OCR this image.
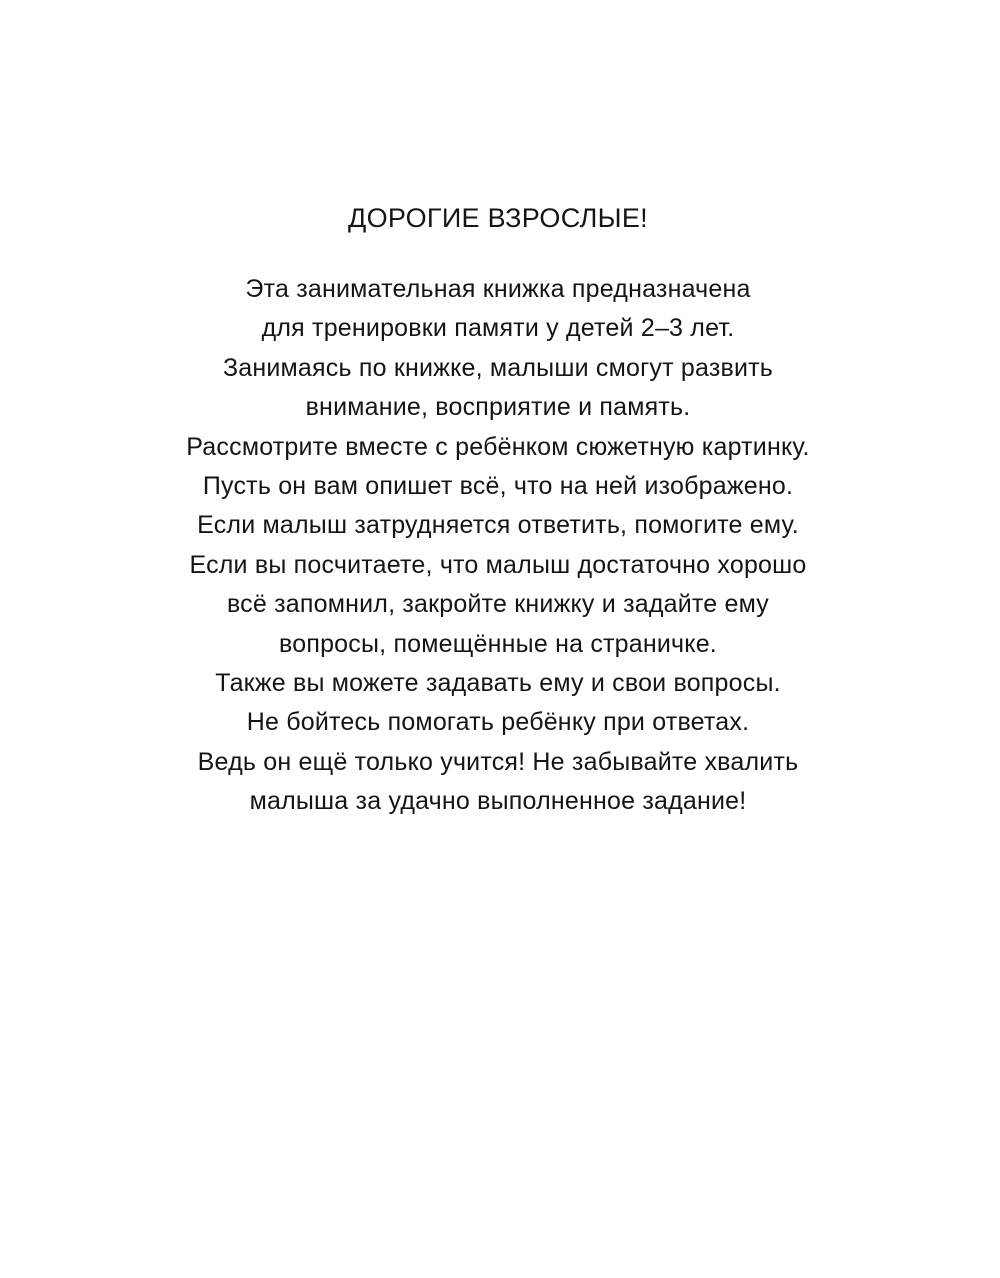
ДОРОГИЕ ВЗРОСЛЫЕ!
Эта занимательная книжка предназначена
для тренировки памяти у детей 2–3 лет.
Занимаясь по книжке, малыши смогут развить
внимание, восприятие и память.
Рассмотрите вместе с ребёнком сюжетную картинку.
Пусть он вам опишет всё, что на ней изображено.
Если малыш затрудняется ответить, помогите ему.
Если вы посчитаете, что малыш достаточно хорошо
всё запомнил, закройте книжку и задайте ему
вопросы, помещённые на страничке.
Также вы можете задавать ему и свои вопросы.
Не бойтесь помогать ребёнку при ответах.
Ведь он ещё только учится! Не забывайте хвалить
малыша за удачно выполненное задание!
